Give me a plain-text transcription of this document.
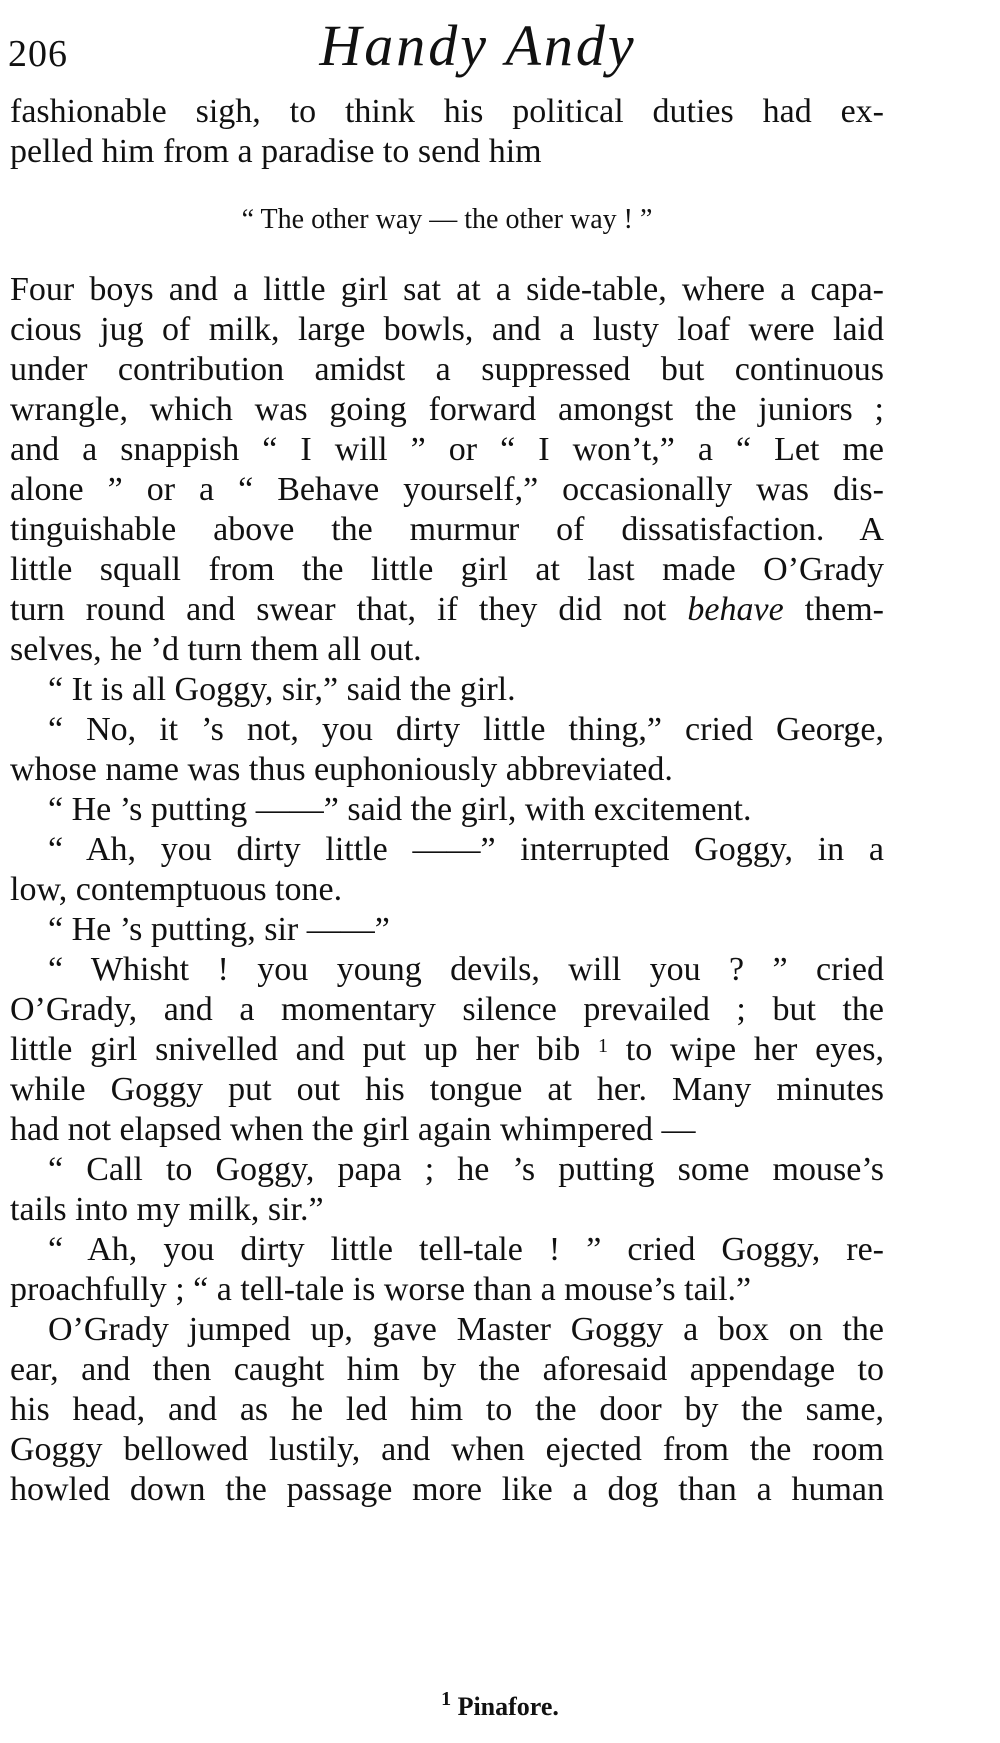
206	Handy Andy
fashionable sigh, to think his political duties had ex-
pelled him from a paradise to send him
“ The other way — the other way ! ”
Four boys and a little girl sat at a side-table, where a capa-
cious jug of milk, large bowls, and a lusty loaf were laid
under contribution amidst a suppressed but continuous
wrangle, which was going forward amongst the juniors ;
and a snappish “ I will ” or “ I won’t,” a “ Let me
alone ” or a “ Behave yourself,” occasionally was dis-
tinguishable above the murmur of dissatisfaction. A
little squall from the little girl at last made O’Grady
turn round and swear that, if they did not behave them-
selves, he ’d turn them all out.
“ It is all Goggy, sir,” said the girl.
“ No, it ’s not, you dirty little thing,” cried George,
whose name was thus euphoniously abbreviated.
“ He ’s putting ——” said the girl, with excitement.
“ Ah, you dirty little ——” interrupted Goggy, in a
low, contemptuous tone.
“ He ’s putting, sir ——”
“ Whisht ! you young devils, will you ? ” cried
O’Grady, and a momentary silence prevailed ; but the
little girl snivelled and put up her bib $^1$ to wipe her eyes,
while Goggy put out his tongue at her. Many minutes
had not elapsed when the girl again whimpered —
“ Call to Goggy, papa ; he ’s putting some mouse’s
tails into my milk, sir.”
“ Ah, you dirty little tell-tale ! ” cried Goggy, re-
proachfully ; “ a tell-tale is worse than a mouse’s tail.”
O’Grady jumped up, gave Master Goggy a box on the
ear, and then caught him by the aforesaid appendage to
his head, and as he led him to the door by the same,
Goggy bellowed lustily, and when ejected from the room
howled down the passage more like a dog than a human
$^1$ Pinafore.
